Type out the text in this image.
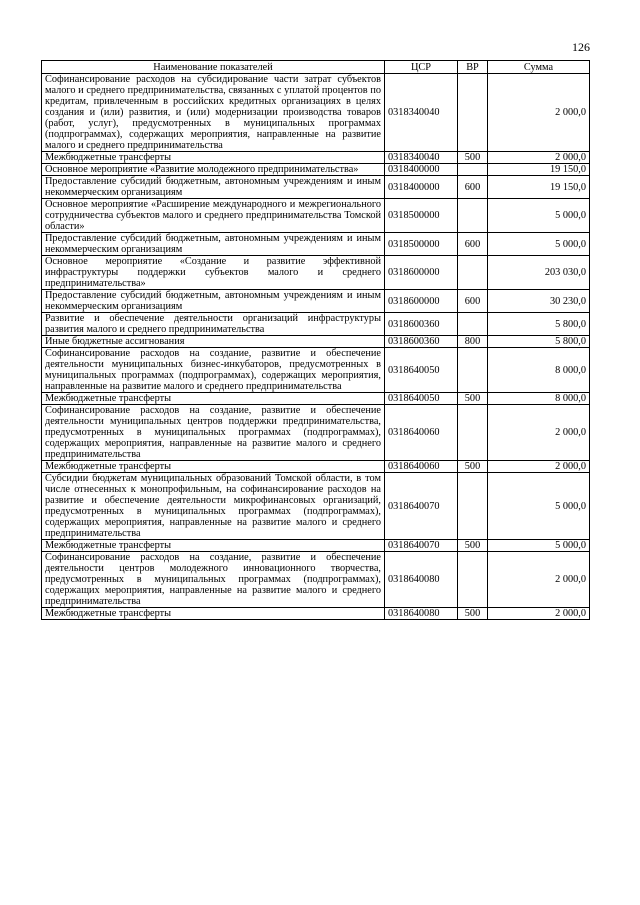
126
Наименование показателей	ЦСР	ВР	Сумма
Софинансирование расходов на субсидирование части затрат субъектов малого и среднего предпринимательства, связанных с уплатой процентов по кредитам, привлеченным в российских кредитных организациях в целях создания и (или) развития, и (или) модернизации производства товаров (работ, услуг), предусмотренных в муниципальных программах (подпрограммах), содержащих мероприятия, направленные на развитие малого и среднего предпринимательства	0318340040		2 000,0
Межбюджетные трансферты	0318340040	500	2 000,0
Основное мероприятие «Развитие молодежного предпринимательства»	0318400000		19 150,0
Предоставление субсидий бюджетным, автономным учреждениям и иным некоммерческим организациям	0318400000	600	19 150,0
Основное мероприятие «Расширение международного и межрегионального сотрудничества субъектов малого и среднего предпринимательства Томской области»	0318500000		5 000,0
Предоставление субсидий бюджетным, автономным учреждениям и иным некоммерческим организациям	0318500000	600	5 000,0
Основное мероприятие «Создание и развитие эффективной инфраструктуры поддержки субъектов малого и среднего предпринимательства»	0318600000		203 030,0
Предоставление субсидий бюджетным, автономным учреждениям и иным некоммерческим организациям	0318600000	600	30 230,0
Развитие и обеспечение деятельности организаций инфраструктуры развития малого и среднего предпринимательства	0318600360		5 800,0
Иные бюджетные ассигнования	0318600360	800	5 800,0
Софинансирование расходов на создание, развитие и обеспечение деятельности муниципальных бизнес-инкубаторов, предусмотренных в муниципальных программах (подпрограммах), содержащих мероприятия, направленные на развитие малого и среднего предпринимательства	0318640050		8 000,0
Межбюджетные трансферты	0318640050	500	8 000,0
Софинансирование расходов на создание, развитие и обеспечение деятельности муниципальных центров поддержки предпринимательства, предусмотренных в муниципальных программах (подпрограммах), содержащих мероприятия, направленные на развитие малого и среднего предпринимательства	0318640060		2 000,0
Межбюджетные трансферты	0318640060	500	2 000,0
Субсидии бюджетам муниципальных образований Томской области, в том числе отнесенных к монопрофильным, на софинансирование расходов на развитие и обеспечение деятельности микрофинансовых организаций, предусмотренных в муниципальных программах (подпрограммах), содержащих мероприятия, направленные на развитие малого и среднего предпринимательства	0318640070		5 000,0
Межбюджетные трансферты	0318640070	500	5 000,0
Софинансирование расходов на создание, развитие и обеспечение деятельности центров молодежного инновационного творчества, предусмотренных в муниципальных программах (подпрограммах), содержащих мероприятия, направленные на развитие малого и среднего предпринимательства	0318640080		2 000,0
Межбюджетные трансферты	0318640080	500	2 000,0
